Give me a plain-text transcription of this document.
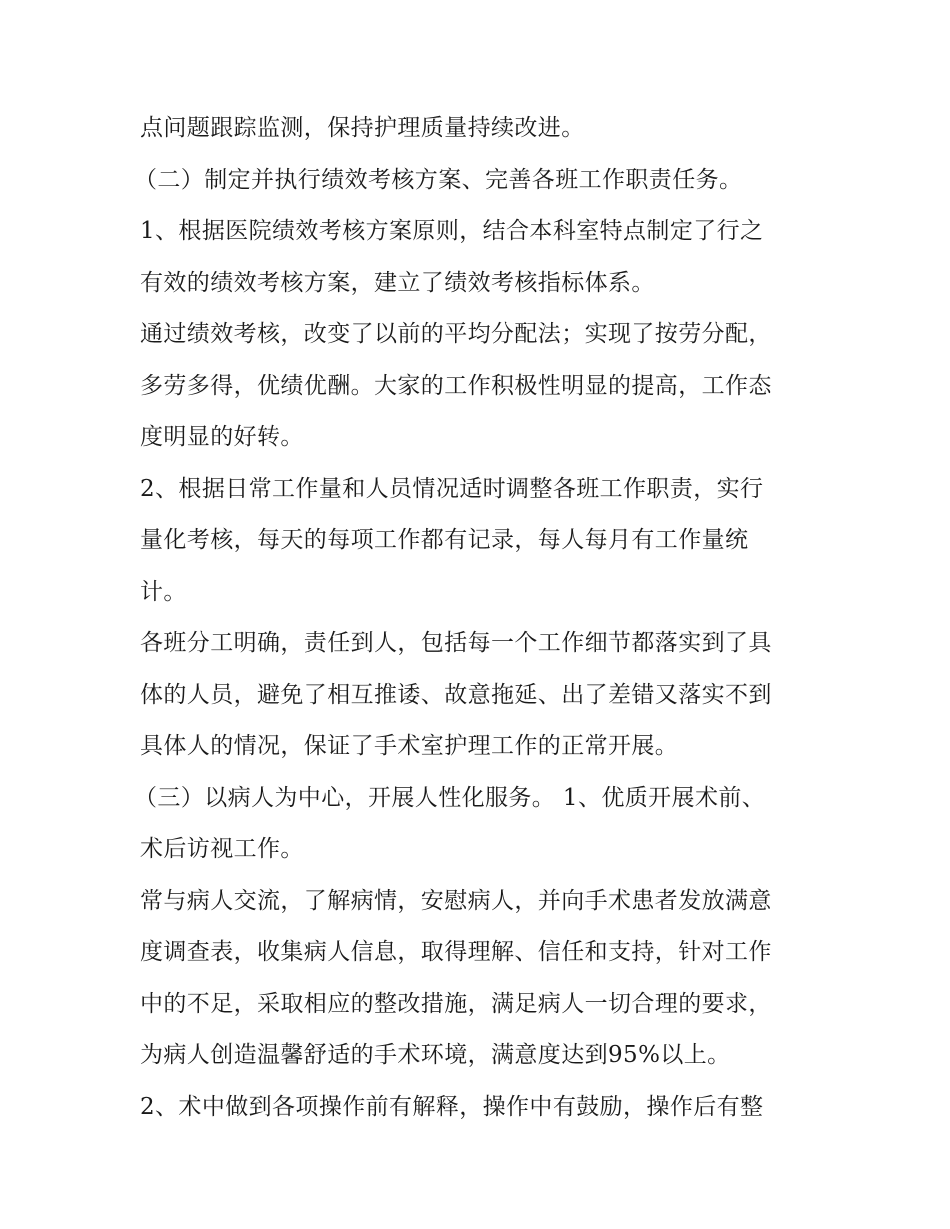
点问题跟踪监测，保持护理质量持续改进。
（二）制定并执行绩效考核方案、完善各班工作职责任务。
1、根据医院绩效考核方案原则，结合本科室特点制定了行之
有效的绩效考核方案，建立了绩效考核指标体系。
通过绩效考核，改变了以前的平均分配法；实现了按劳分配，
多劳多得，优绩优酬。大家的工作积极性明显的提高，工作态
度明显的好转。
2、根据日常工作量和人员情况适时调整各班工作职责，实行
量化考核，每天的每项工作都有记录，每人每月有工作量统
计。
各班分工明确，责任到人，包括每一个工作细节都落实到了具
体的人员，避免了相互推诿、故意拖延、出了差错又落实不到
具体人的情况，保证了手术室护理工作的正常开展。
（三）以病人为中心，开展人性化服务。 1、优质开展术前、
术后访视工作。
常与病人交流，了解病情，安慰病人，并向手术患者发放满意
度调查表，收集病人信息，取得理解、信任和支持，针对工作
中的不足，采取相应的整改措施，满足病人一切合理的要求，
为病人创造温馨舒适的手术环境，满意度达到95%以上。
2、术中做到各项操作前有解释，操作中有鼓励，操作后有整
